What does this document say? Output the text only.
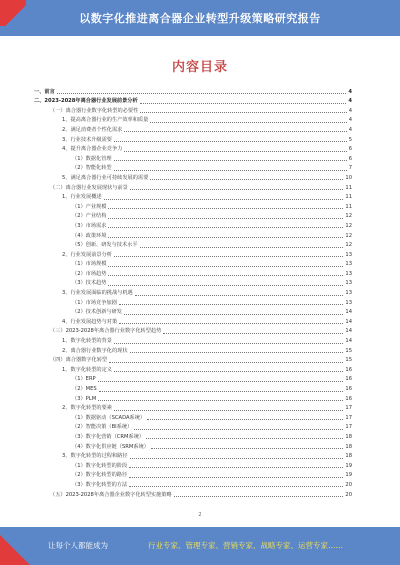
以数字化推进离合器企业转型升级策略研究报告
内容目录
一、前言	4
二、2023-2028年离合器行业发展前景分析	4
（一）离合器行业数字化转型的必要性	4
1、提高离合器行业的生产效率和质量	4
2、满足消费者个性化需求	4
3、行业技术升级需要	5
4、提升离合器企业竞争力	6
（1）数据化管理	6
（2）智能化转型	7
5、满足离合器行业可持续发展的需要	10
（二）离合器行业发展现状与前景	11
1、行业发展概述	11
（1）产业规模	11
（2）产业结构	12
（3）市场需求	12
（4）政策环境	12
（5）创新、研发与技术水平	12
2、行业发展前景分析	13
（1）市场规模	13
（2）市场趋势	13
（3）技术趋势	13
3、行业发展面临的挑战与机遇	13
（1）市场竞争加剧	13
（2）技术创新与研发	14
4、行业发展趋势与对策	14
（三）2023-2028年离合器行业数字化转型趋势	14
1、数字化转型的背景	14
2、离合器行业数字化的现状	15
（四）离合器数字化转型	15
1、数字化转型的定义	16
（1）ERP	16
（2）MES	16
（3）PLM	16
2、数字化转型的要素	17
（1）数据驱动（SCADA系统）	17
（2）智能决策（BI系统）	17
（3）数字化营销（CRM系统）	18
（4）数字化供应链（SRM系统）	18
3、数字化转型的过程和路径	18
（1）数字化转型的阶段	19
（2）数字化转型的路径	19
（3）数字化转型的方法	20
（五）2023-2028年离合器企业数字化转型实施策略	20
2
让每个人都能成为	行业专家、管理专家、营销专家、战略专家、运营专家……
